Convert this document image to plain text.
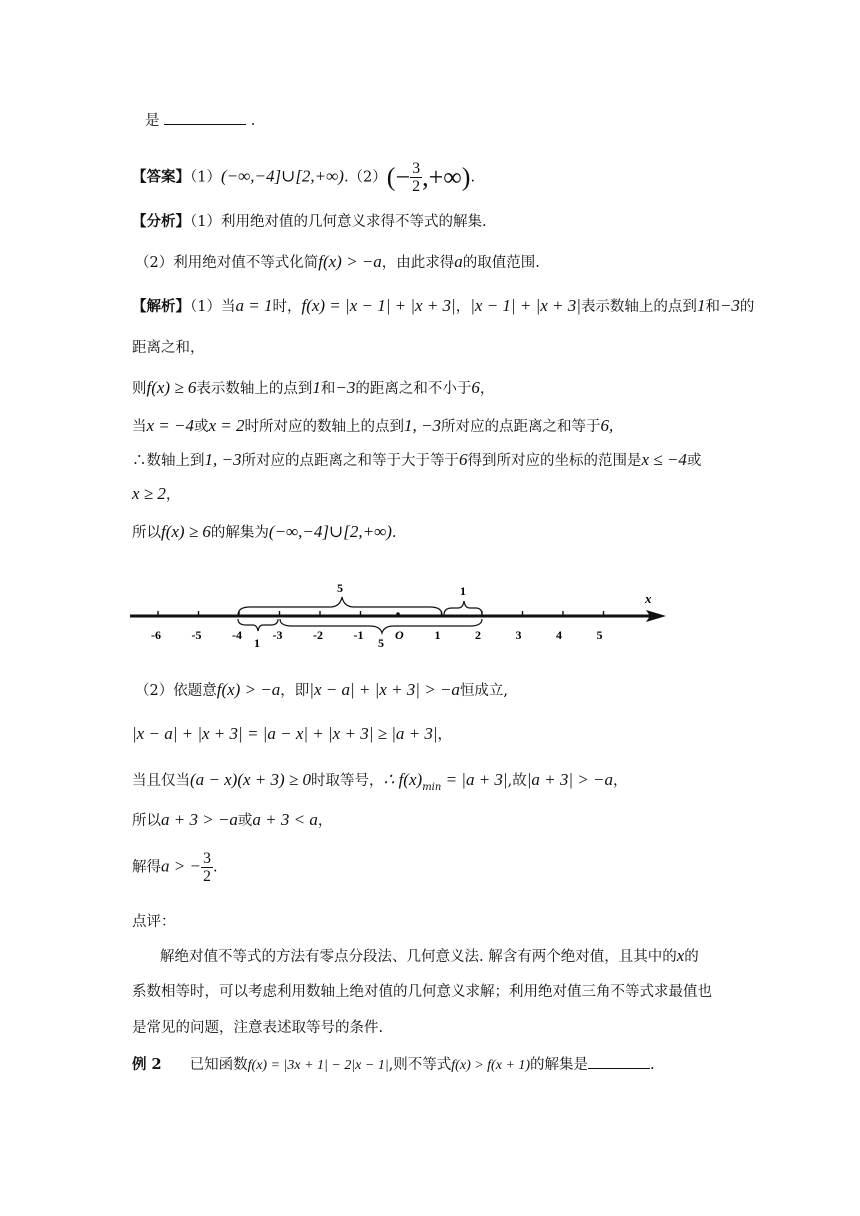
是	.
【答案】（1）(−∞,−4]∪[2,+∞).（2）(− $\frac{3}{2}$ ,+∞).
【分析】（1）利用绝对值的几何意义求得不等式的解集.
（2）利用绝对值不等式化简f(x) > −a，由此求得a的取值范围.
【解析】（1）当a = 1时，f(x) = |x − 1| + |x + 3|，|x − 1| + |x + 3|表示数轴上的点到1和−3的
距离之和，
则f(x) ≥ 6表示数轴上的点到1和−3的距离之和不小于6，
当x = −4或x = 2时所对应的数轴上的点到1, −3所对应的点距离之和等于6,
∴数轴上到1, −3所对应的点距离之和等于大于等于6得到所对应的坐标的范围是x ≤ −4或
x ≥ 2，
所以f(x) ≥ 6的解集为(−∞,−4]∪[2,+∞).
x
-6	-5	-4	-3	-2	-1	O	1	2	3	4	5
5	1
1	5
（2）依题意f(x) > −a，即|x − a| + |x + 3| > −a恒成立,
|x − a| + |x + 3| = |a − x| + |x + 3| ≥ |a + 3|，
当且仅当(a − x)(x + 3) ≥ 0时取等号，∴ $f(x)_{min} = |a + 3|$,故|a + 3| > −a，
所以a + 3 > −a或a + 3 < a，
解得a > − $\frac{3}{2}$ .
点评：
解绝对值不等式的方法有零点分段法、几何意义法. 解含有两个绝对值，且其中的x的
系数相等时，可以考虑利用数轴上绝对值的几何意义求解；利用绝对值三角不等式求最值也
是常见的问题，注意表述取等号的条件.
例 2 已知函数f(x) = |3x + 1| − 2|x − 1|,则不等式f(x) > f(x + 1)的解集是	.
